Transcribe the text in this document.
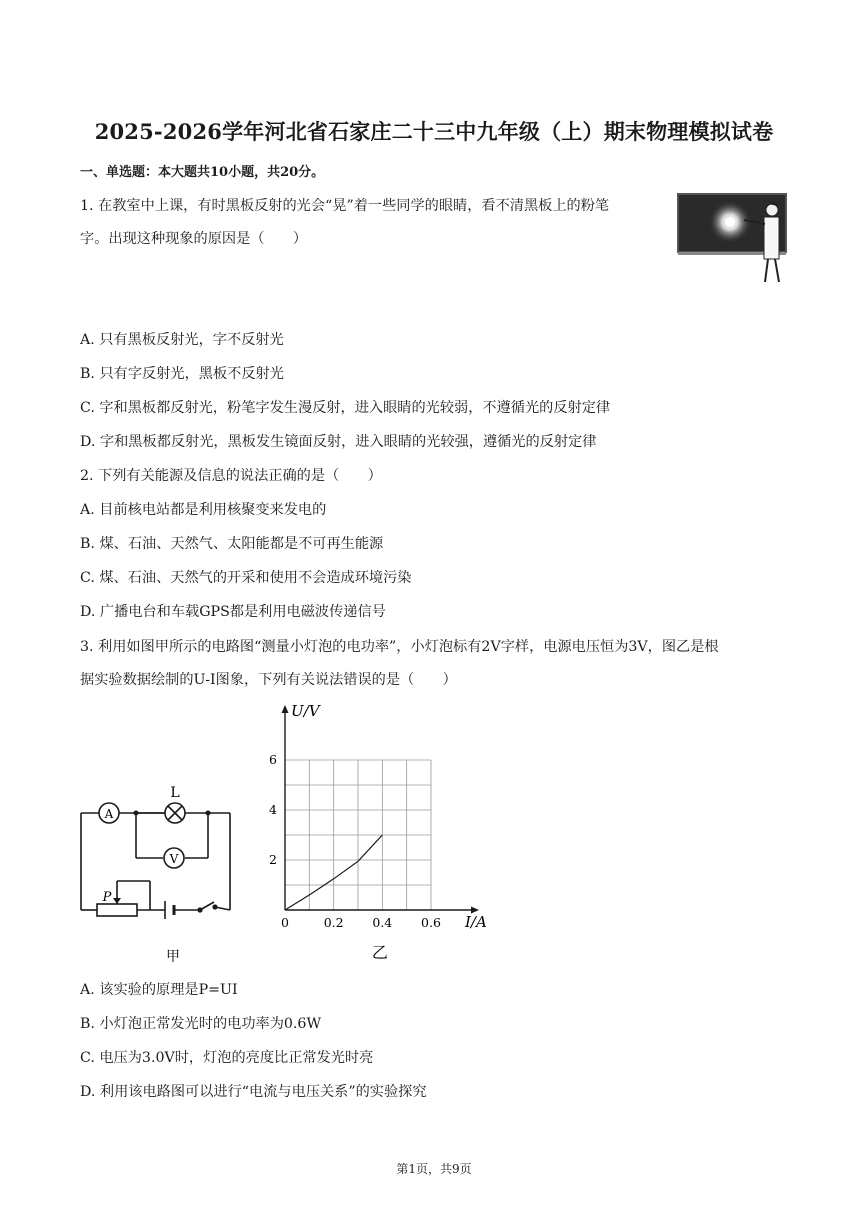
2025-2026学年河北省石家庄二十三中九年级（上）期末物理模拟试卷
一、单选题：本大题共10小题，共20分。
1. 在教室中上课，有时黑板反射的光会“晃”着一些同学的眼睛，看不清黑板上的粉笔
字。出现这种现象的原因是（　　）
A. 只有黑板反射光，字不反射光
B. 只有字反射光，黑板不反射光
C. 字和黑板都反射光，粉笔字发生漫反射，进入眼睛的光较弱，不遵循光的反射定律
D. 字和黑板都反射光，黑板发生镜面反射，进入眼睛的光较强，遵循光的反射定律
2. 下列有关能源及信息的说法正确的是（　　）
A. 目前核电站都是利用核聚变来发电的
B. 煤、石油、天然气、太阳能都是不可再生能源
C. 煤、石油、天然气的开采和使用不会造成环境污染
D. 广播电台和车载GPS都是利用电磁波传递信号
3. 利用如图甲所示的电路图“测量小灯泡的电功率”，小灯泡标有2V字样，电源电压恒为3V，图乙是根
据实验数据绘制的U-I图象，下列有关说法错误的是（　　）
A
V
L
P
甲
0	0.2 0.4 0.6
2
4
6
U/V
I/A
乙
A. 该实验的原理是P=UI
B. 小灯泡正常发光时的电功率为0.6W
C. 电压为3.0V时，灯泡的亮度比正常发光时亮
D. 利用该电路图可以进行“电流与电压关系”的实验探究
第1页，共9页
